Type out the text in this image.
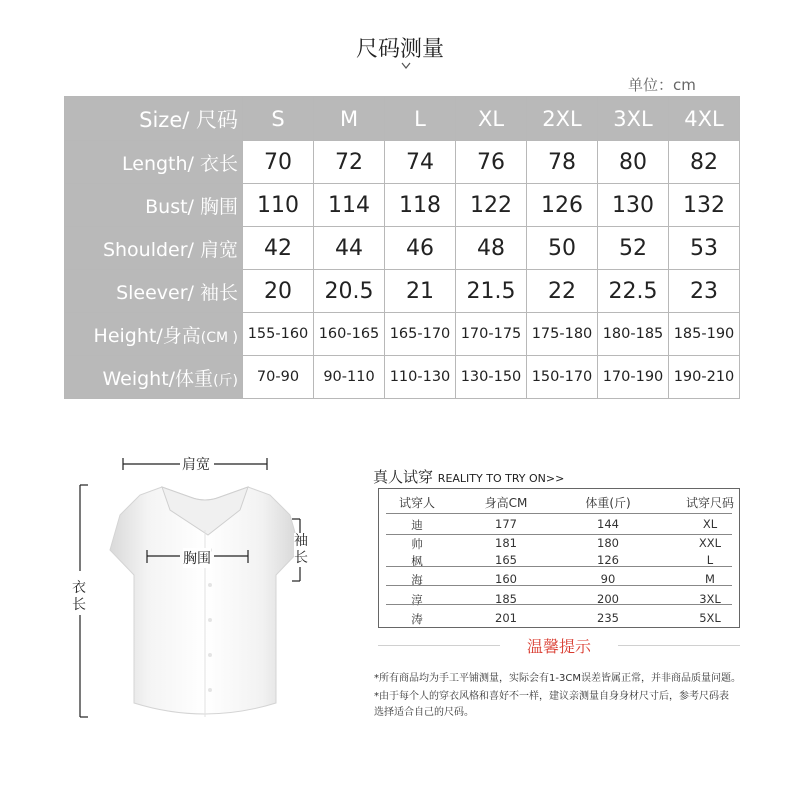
尺码测量
单位：cm
Size/ 尺码	S	M	L	XL	2XL	3XL	4XL
Length/ 衣长	70	72	74	76	78	80	82
Bust/ 胸围	110	114	118	122	126	130	132
Shoulder/ 肩宽	42	44	46	48	50	52	53
Sleever/ 袖长	20	20.5	21	21.5	22	22.5	23
Height/身高(CM )	155-160	160-165	165-170	170-175	175-180	180-185	185-190
Weight/体重(斤)	70-90	90-110	110-130	130-150	150-170	170-190	190-210
肩宽
胸围
袖长
衣长
真人试穿 REALITY TO TRY ON>>
试穿人	身高CM	体重(斤)	试穿尺码
迪	177	144	XL
帅	181	180	XXL
枫	165	126	L
海	160	90	M
淳	185	200	3XL
涛	201	235	5XL
温馨提示
*所有商品均为手工平铺测量，实际会有1-3CM误差皆属正常，并非商品质量问题。
*由于每个人的穿衣风格和喜好不一样，建议亲测量自身身材尺寸后，参考尺码表
选择适合自己的尺码。
